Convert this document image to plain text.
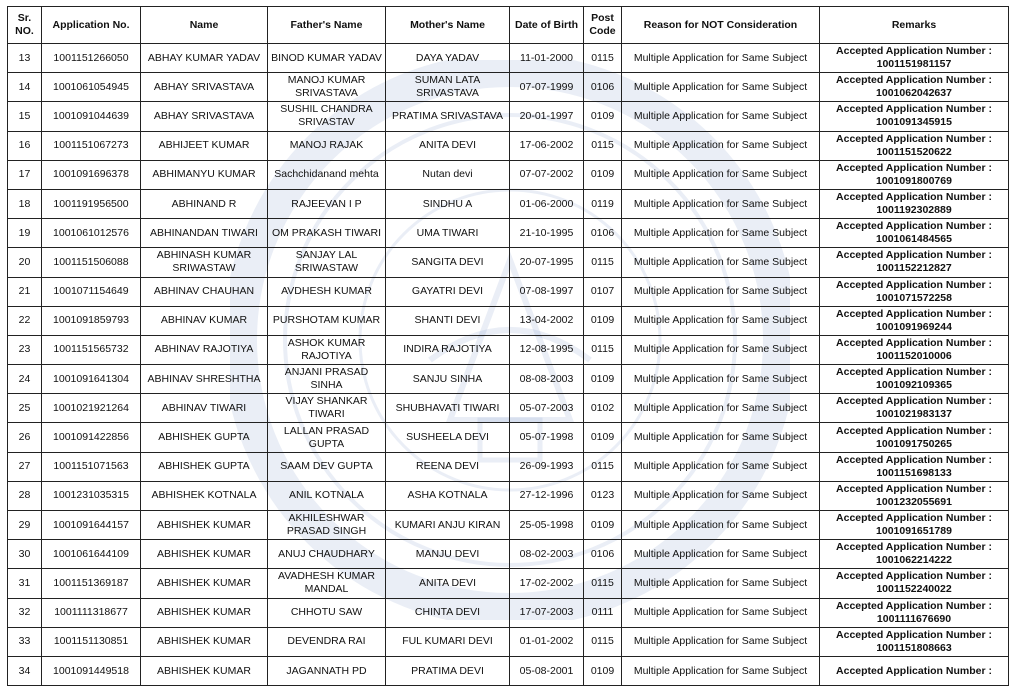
Sr. NO.	Application No.	Name	Father's Name	Mother's Name	Date of Birth	Post Code	Reason for NOT Consideration	Remarks
13	1001151266050	ABHAY KUMAR YADAV	BINOD KUMAR YADAV	DAYA YADAV	11-01-2000	0115	Multiple Application for Same Subject	Accepted Application Number :
1001151981157

14	1001061054945	ABHAY SRIVASTAVA	MANOJ KUMAR SRIVASTAVA	SUMAN LATA SRIVASTAVA	07-07-1999	0106	Multiple Application for Same Subject	Accepted Application Number :
1001062042637

15	1001091044639	ABHAY SRIVASTAVA	SUSHIL CHANDRA SRIVASTAV	PRATIMA SRIVASTAVA	20-01-1997	0109	Multiple Application for Same Subject	Accepted Application Number :
1001091345915

16	1001151067273	ABHIJEET KUMAR	MANOJ RAJAK	ANITA DEVI	17-06-2002	0115	Multiple Application for Same Subject	Accepted Application Number :
1001151520622

17	1001091696378	ABHIMANYU KUMAR	Sachchidanand mehta	Nutan devi	07-07-2002	0109	Multiple Application for Same Subject	Accepted Application Number :
1001091800769

18	1001191956500	ABHINAND R	RAJEEVAN I P	SINDHU A	01-06-2000	0119	Multiple Application for Same Subject	Accepted Application Number :
1001192302889

19	1001061012576	ABHINANDAN TIWARI	OM PRAKASH TIWARI	UMA TIWARI	21-10-1995	0106	Multiple Application for Same Subject	Accepted Application Number :
1001061484565

20	1001151506088	ABHINASH KUMAR SRIWASTAW	SANJAY LAL SRIWASTAW	SANGITA DEVI	20-07-1995	0115	Multiple Application for Same Subject	Accepted Application Number :
1001152212827

21	1001071154649	ABHINAV CHAUHAN	AVDHESH KUMAR	GAYATRI DEVI	07-08-1997	0107	Multiple Application for Same Subject	Accepted Application Number :
1001071572258

22	1001091859793	ABHINAV KUMAR	PURSHOTAM KUMAR	SHANTI DEVI	13-04-2002	0109	Multiple Application for Same Subject	Accepted Application Number :
1001091969244

23	1001151565732	ABHINAV RAJOTIYA	ASHOK KUMAR RAJOTIYA	INDIRA RAJOTIYA	12-08-1995	0115	Multiple Application for Same Subject	Accepted Application Number :
1001152010006

24	1001091641304	ABHINAV SHRESHTHA	ANJANI PRASAD SINHA	SANJU SINHA	08-08-2003	0109	Multiple Application for Same Subject	Accepted Application Number :
1001092109365

25	1001021921264	ABHINAV TIWARI	VIJAY SHANKAR TIWARI	SHUBHAVATI TIWARI	05-07-2003	0102	Multiple Application for Same Subject	Accepted Application Number :
1001021983137

26	1001091422856	ABHISHEK GUPTA	LALLAN PRASAD GUPTA	SUSHEELA DEVI	05-07-1998	0109	Multiple Application for Same Subject	Accepted Application Number :
1001091750265

27	1001151071563	ABHISHEK GUPTA	SAAM DEV GUPTA	REENA DEVI	26-09-1993	0115	Multiple Application for Same Subject	Accepted Application Number :
1001151698133

28	1001231035315	ABHISHEK KOTNALA	ANIL KOTNALA	ASHA KOTNALA	27-12-1996	0123	Multiple Application for Same Subject	Accepted Application Number :
1001232055691

29	1001091644157	ABHISHEK KUMAR	AKHILESHWAR PRASAD SINGH	KUMARI ANJU KIRAN	25-05-1998	0109	Multiple Application for Same Subject	Accepted Application Number :
1001091651789

30	1001061644109	ABHISHEK KUMAR	ANUJ CHAUDHARY	MANJU DEVI	08-02-2003	0106	Multiple Application for Same Subject	Accepted Application Number :
1001062214222

31	1001151369187	ABHISHEK KUMAR	AVADHESH KUMAR MANDAL	ANITA DEVI	17-02-2002	0115	Multiple Application for Same Subject	Accepted Application Number :
1001152240022

32	1001111318677	ABHISHEK KUMAR	CHHOTU SAW	CHINTA DEVI	17-07-2003	0111	Multiple Application for Same Subject	Accepted Application Number :
1001111676690

33	1001151130851	ABHISHEK KUMAR	DEVENDRA RAI	FUL KUMARI DEVI	01-01-2002	0115	Multiple Application for Same Subject	Accepted Application Number :
1001151808663

34	1001091449518	ABHISHEK KUMAR	JAGANNATH PD	PRATIMA DEVI	05-08-2001	0109	Multiple Application for Same Subject	Accepted Application Number :
